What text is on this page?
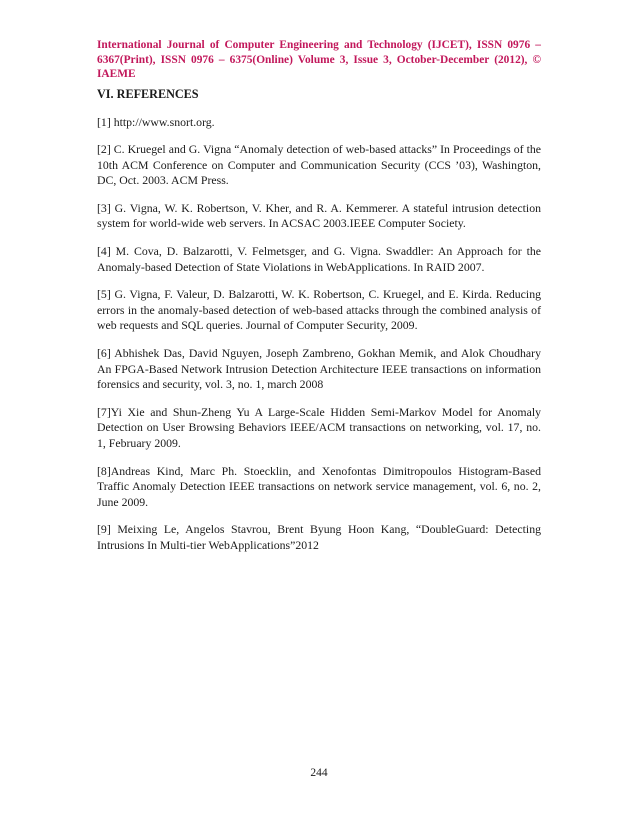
International Journal of Computer Engineering and Technology (IJCET), ISSN 0976 – 6367(Print), ISSN 0976 – 6375(Online) Volume 3, Issue 3, October-December (2012), © IAEME

VI. REFERENCES
[1] http://www.snort.org.
[2] C. Kruegel and G. Vigna “Anomaly detection of web-based attacks” In Proceedings of the 10th ACM Conference on Computer and Communication Security (CCS ’03), Washington, DC, Oct. 2003. ACM Press.
[3] G. Vigna, W. K. Robertson, V. Kher, and R. A. Kemmerer. A stateful intrusion detection system for world-wide web servers. In ACSAC 2003.IEEE Computer Society.
[4] M. Cova, D. Balzarotti, V. Felmetsger, and G. Vigna. Swaddler: An Approach for the Anomaly-based Detection of State Violations in WebApplications. In RAID 2007.
[5] G. Vigna, F. Valeur, D. Balzarotti, W. K. Robertson, C. Kruegel, and E. Kirda. Reducing errors in the anomaly-based detection of web-based attacks through the combined analysis of web requests and SQL queries. Journal of Computer Security, 2009.
[6] Abhishek Das, David Nguyen, Joseph Zambreno, Gokhan Memik, and Alok Choudhary An FPGA-Based Network Intrusion Detection Architecture IEEE transactions on information forensics and security, vol. 3, no. 1, march 2008
[7]Yi Xie and Shun-Zheng Yu A Large-Scale Hidden Semi-Markov Model for Anomaly Detection on User Browsing Behaviors IEEE/ACM transactions on networking, vol. 17, no. 1, February 2009.
[8]Andreas Kind, Marc Ph. Stoecklin, and Xenofontas Dimitropoulos Histogram-Based Traffic Anomaly Detection IEEE transactions on network service management, vol. 6, no. 2, June 2009.
[9] Meixing Le, Angelos Stavrou, Brent Byung Hoon Kang, “DoubleGuard: Detecting Intrusions In Multi-tier WebApplications”2012
244
